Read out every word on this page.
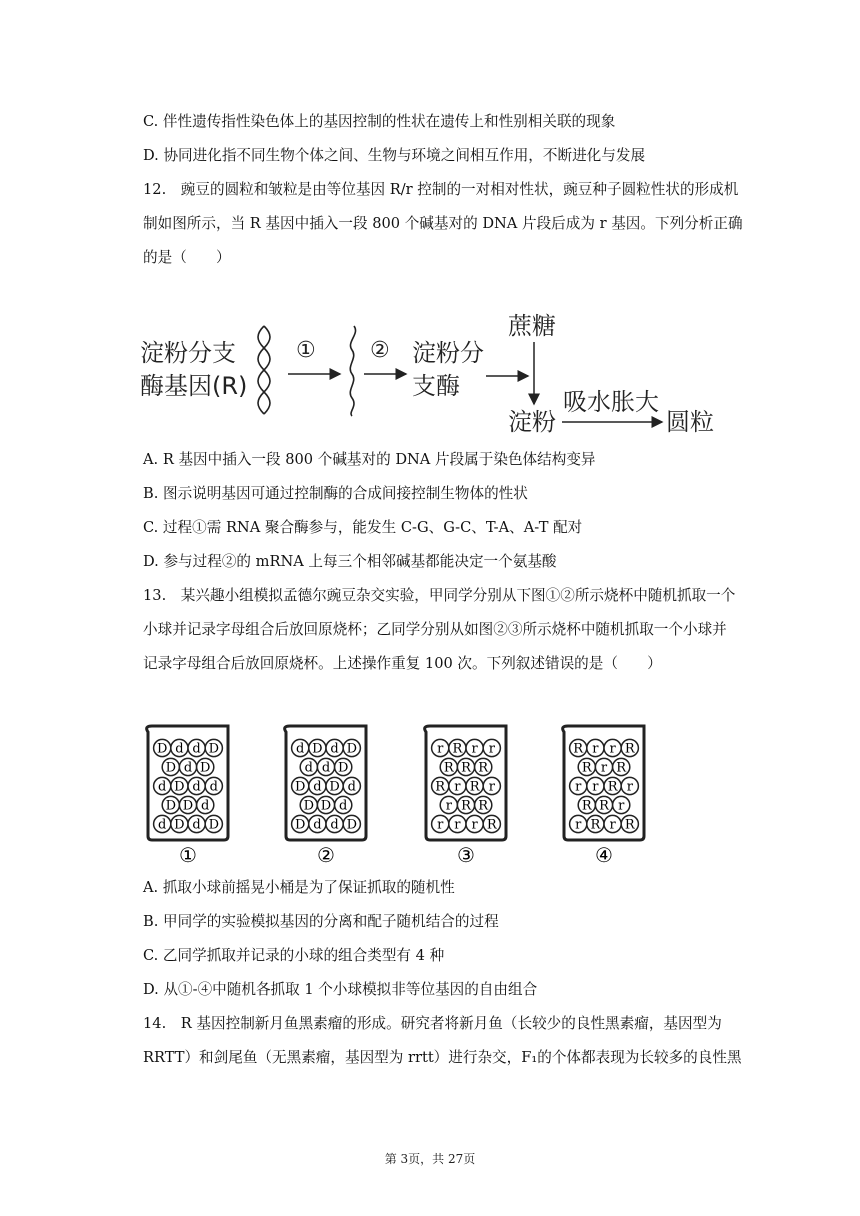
C. 伴性遗传指性染色体上的基因控制的性状在遗传上和性别相关联的现象
D. 协同进化指不同生物个体之间、生物与环境之间相互作用，不断进化与发展
12.　豌豆的圆粒和皱粒是由等位基因 R/r 控制的一对相对性状，豌豆种子圆粒性状的形成机
制如图所示，当 R 基因中插入一段 800 个碱基对的 DNA 片段后成为 r 基因。下列分析正确
的是（　　）
A. R 基因中插入一段 800 个碱基对的 DNA 片段属于染色体结构变异
B. 图示说明基因可通过控制酶的合成间接控制生物体的性状
C. 过程①需 RNA 聚合酶参与，能发生 C-G、G-C、T-A、A-T 配对
D. 参与过程②的 mRNA 上每三个相邻碱基都能决定一个氨基酸
13.　某兴趣小组模拟孟德尔豌豆杂交实验，甲同学分别从下图①②所示烧杯中随机抓取一个
小球并记录字母组合后放回原烧杯；乙同学分别从如图②③所示烧杯中随机抓取一个小球并
记录字母组合后放回原烧杯。上述操作重复 100 次。下列叙述错误的是（　　）
A. 抓取小球前摇晃小桶是为了保证抓取的随机性
B. 甲同学的实验模拟基因的分离和配子随机结合的过程
C. 乙同学抓取并记录的小球的组合类型有 4 种
D. 从①-④中随机各抓取 1 个小球模拟非等位基因的自由组合
14.　R 基因控制新月鱼黑素瘤的形成。研究者将新月鱼（长较少的良性黑素瘤，基因型为
RRTT）和剑尾鱼（无黑素瘤，基因型为 rrtt）进行杂交，F₁的个体都表现为长较多的良性黑
淀粉分支
酶基因(R)
① ② 淀粉分
支酶
蔗糖
淀粉
吸水胀大
圆粒
D d d D
D d D
d D d d
D D d
d D d D
①
d D d D
d d D
D d D d
D D d
D d d D
②
r R r r
R R R
R r R r
r R R
r r r R
③
R r r R
R r R
r r R r
R R r
r R r R
④
第 3页，共 27页
